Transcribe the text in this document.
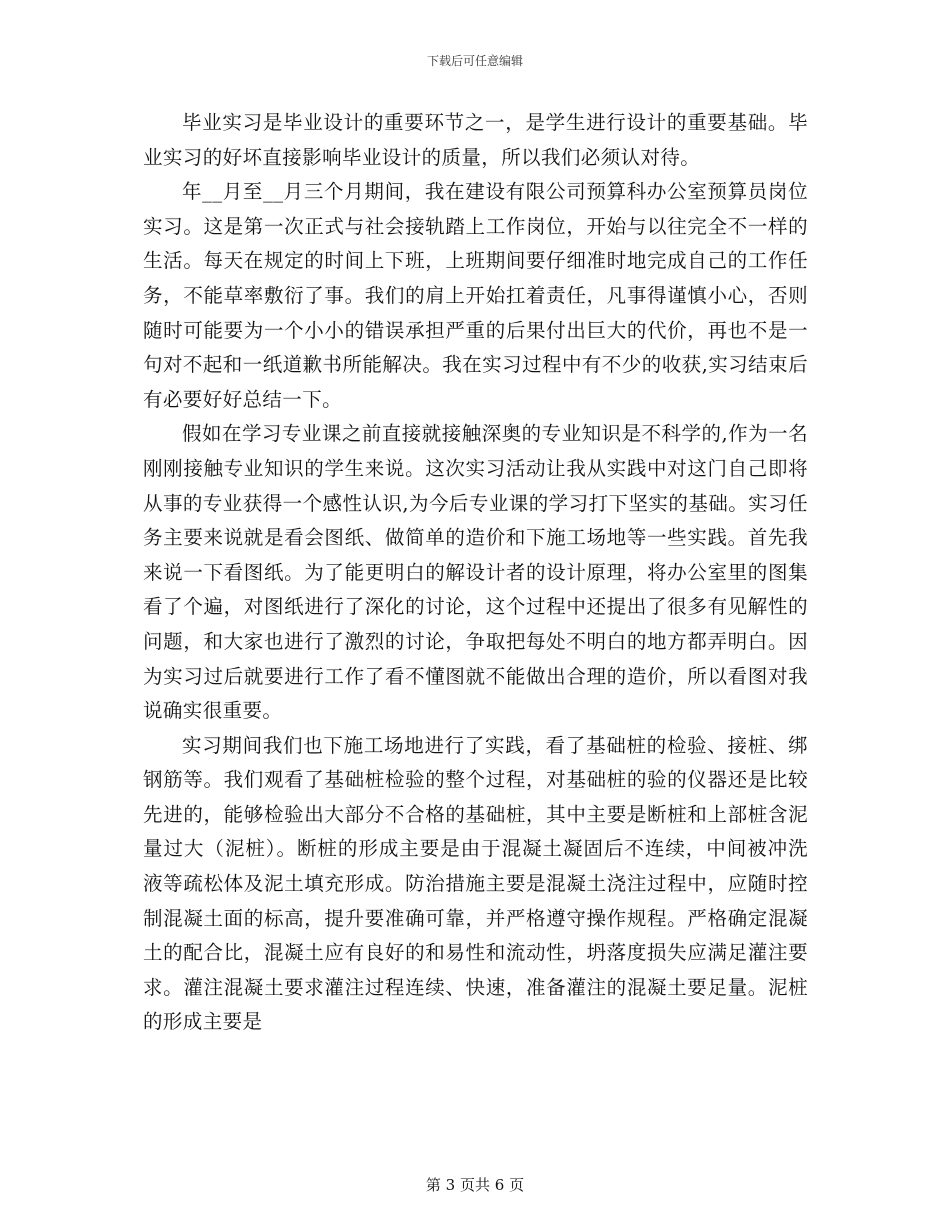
下载后可任意编辑

毕业实习是毕业设计的重要环节之一，是学生进行设计的重要基础。毕业实习的好坏直接影响毕业设计的质量，所以我们必须认对待。

年__月至__月三个月期间，我在建设有限公司预算科办公室预算员岗位实习。这是第一次正式与社会接轨踏上工作岗位，开始与以往完全不一样的生活。每天在规定的时间上下班，上班期间要仔细准时地完成自己的工作任务，不能草率敷衍了事。我们的肩上开始扛着责任，凡事得谨慎小心，否则随时可能要为一个小小的错误承担严重的后果付出巨大的代价，再也不是一句对不起和一纸道歉书所能解决。我在实习过程中有不少的收获,实习结束后有必要好好总结一下。

假如在学习专业课之前直接就接触深奥的专业知识是不科学的,作为一名刚刚接触专业知识的学生来说。这次实习活动让我从实践中对这门自己即将从事的专业获得一个感性认识,为今后专业课的学习打下坚实的基础。实习任务主要来说就是看会图纸、做简单的造价和下施工场地等一些实践。首先我来说一下看图纸。为了能更明白的解设计者的设计原理，将办公室里的图集看了个遍，对图纸进行了深化的讨论，这个过程中还提出了很多有见解性的问题，和大家也进行了激烈的讨论，争取把每处不明白的地方都弄明白。因为实习过后就要进行工作了看不懂图就不能做出合理的造价，所以看图对我说确实很重要。

实习期间我们也下施工场地进行了实践，看了基础桩的检验、接桩、绑钢筋等。我们观看了基础桩检验的整个过程，对基础桩的验的仪器还是比较先进的，能够检验出大部分不合格的基础桩，其中主要是断桩和上部桩含泥量过大（泥桩）。断桩的形成主要是由于混凝土凝固后不连续，中间被冲洗液等疏松体及泥土填充形成。防治措施主要是混凝土浇注过程中，应随时控制混凝土面的标高，提升要准确可靠，并严格遵守操作规程。严格确定混凝土的配合比，混凝土应有良好的和易性和流动性，坍落度损失应满足灌注要求。灌注混凝土要求灌注过程连续、快速，准备灌注的混凝土要足量。泥桩的形成主要是

第 3 页共 6 页
